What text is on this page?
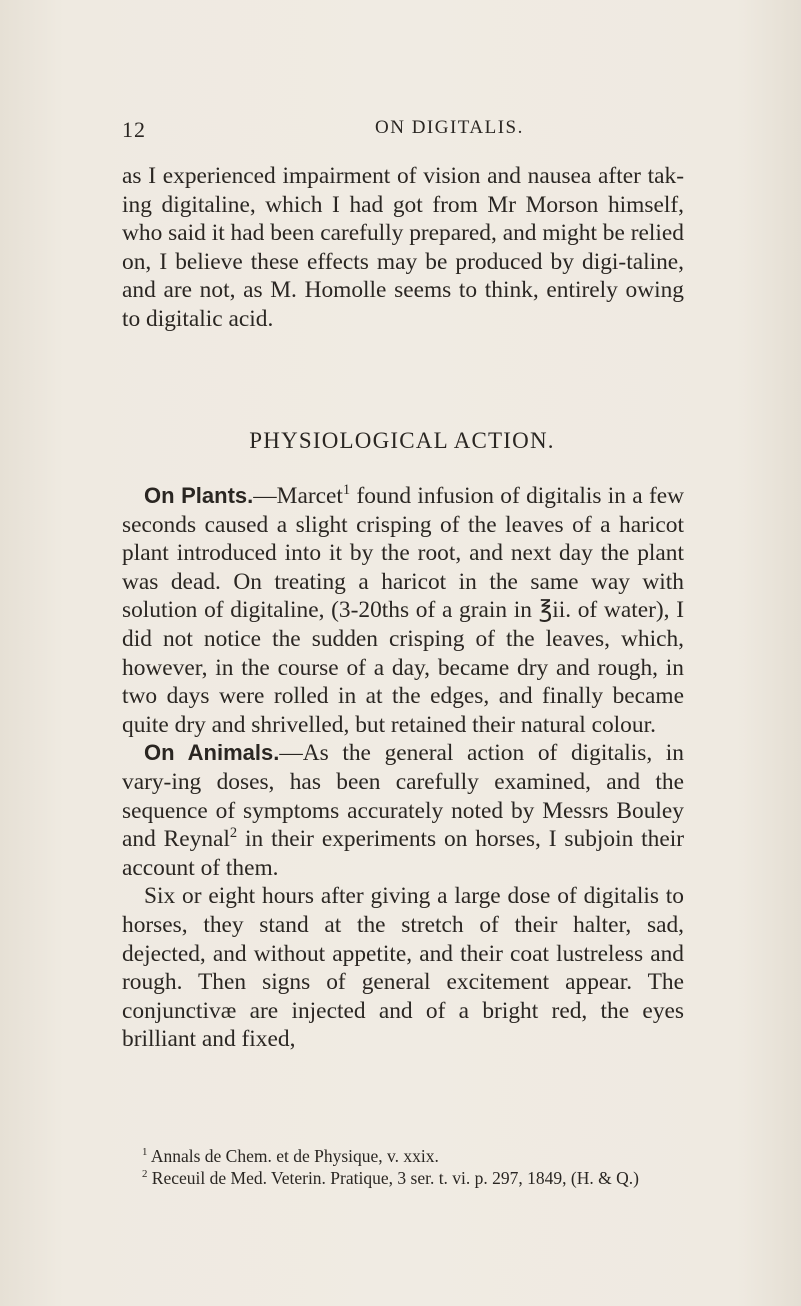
12	ON DIGITALIS.
as I experienced impairment of vision and nausea after tak-ing digitaline, which I had got from Mr Morson himself, who said it had been carefully prepared, and might be relied on, I believe these effects may be produced by digi-taline, and are not, as M. Homolle seems to think, entirely owing to digitalic acid.
PHYSIOLOGICAL ACTION.

On Plants.—Marcet$^1$ found infusion of digitalis in a few seconds caused a slight crisping of the leaves of a haricot plant introduced into it by the root, and next day the plant was dead. On treating a haricot in the same way with solution of digitaline, (3-20ths of a grain in ℥ii. of water), I did not notice the sudden crisping of the leaves, which, however, in the course of a day, became dry and rough, in two days were rolled in at the edges, and finally became quite dry and shrivelled, but retained their natural colour.

On Animals.—As the general action of digitalis, in vary-ing doses, has been carefully examined, and the sequence of symptoms accurately noted by Messrs Bouley and Reynal$^2$ in their experiments on horses, I subjoin their account of them.

Six or eight hours after giving a large dose of digitalis to horses, they stand at the stretch of their halter, sad, dejected, and without appetite, and their coat lustreless and rough. Then signs of general excitement appear. The conjunctivæ are injected and of a bright red, the eyes brilliant and fixed,

$^1$ Annals de Chem. et de Physique, v. xxix.

$^2$ Receuil de Med. Veterin. Pratique, 3 ser. t. vi. p. 297, 1849, (H. & Q.)
